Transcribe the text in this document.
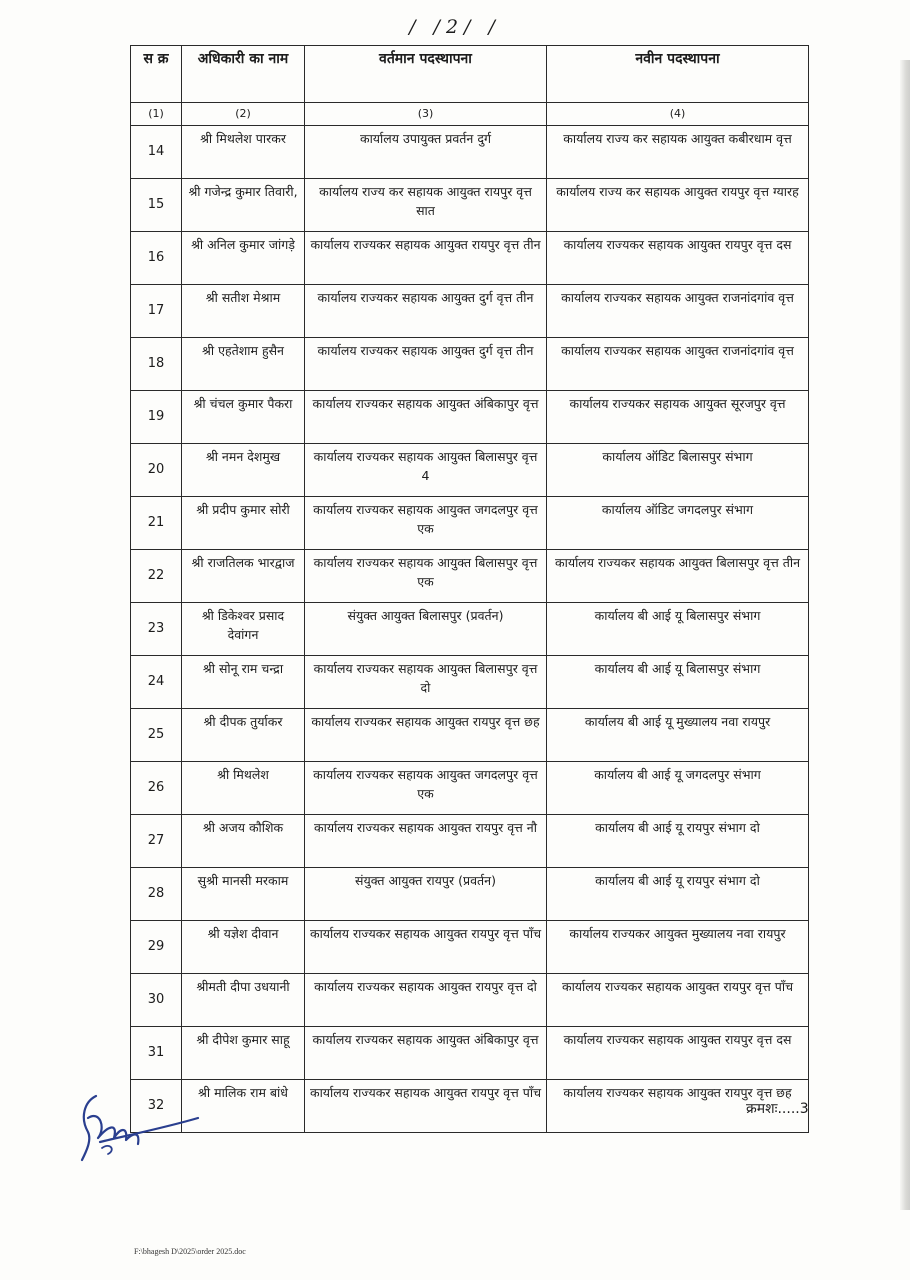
/ /2/ /
स क्र	अधिकारी का नाम	वर्तमान पदस्थापना	नवीन पदस्थापना
(1)	(2)	(3)	(4)
14	श्री मिथलेश पारकर	कार्यालय उपायुक्त प्रवर्तन दुर्ग	कार्यालय राज्य कर सहायक आयुक्त कबीरधाम वृत्त
15	श्री गजेन्द्र कुमार तिवारी,	कार्यालय राज्य कर सहायक आयुक्त रायपुर वृत्त सात	कार्यालय राज्य कर सहायक आयुक्त रायपुर वृत्त ग्यारह
16	श्री अनिल कुमार जांगड़े	कार्यालय राज्यकर सहायक आयुक्त रायपुर वृत्त तीन	कार्यालय राज्यकर सहायक आयुक्त रायपुर वृत्त दस
17	श्री सतीश मेश्राम	कार्यालय राज्यकर सहायक आयुक्त दुर्ग वृत्त तीन	कार्यालय राज्यकर सहायक आयुक्त राजनांदगांव वृत्त
18	श्री एहतेशाम हुसैन	कार्यालय राज्यकर सहायक आयुक्त दुर्ग वृत्त तीन	कार्यालय राज्यकर सहायक आयुक्त राजनांदगांव वृत्त
19	श्री चंचल कुमार पैकरा	कार्यालय राज्यकर सहायक आयुक्त अंबिकापुर वृत्त	कार्यालय राज्यकर सहायक आयुक्त सूरजपुर वृत्त
20	श्री नमन देशमुख	कार्यालय राज्यकर सहायक आयुक्त बिलासपुर वृत्त 4	कार्यालय ऑडिट बिलासपुर संभाग
21	श्री प्रदीप कुमार सोरी	कार्यालय राज्यकर सहायक आयुक्त जगदलपुर वृत्त एक	कार्यालय ऑडिट जगदलपुर संभाग
22	श्री राजतिलक भारद्वाज	कार्यालय राज्यकर सहायक आयुक्त बिलासपुर वृत्त एक	कार्यालय राज्यकर सहायक आयुक्त बिलासपुर वृत्त तीन
23	श्री डिकेश्वर प्रसाद देवांगन	संयुक्त आयुक्त बिलासपुर (प्रवर्तन)	कार्यालय बी आई यू बिलासपुर संभाग
24	श्री सोनू राम चन्द्रा	कार्यालय राज्यकर सहायक आयुक्त बिलासपुर वृत्त दो	कार्यालय बी आई यू बिलासपुर संभाग
25	श्री दीपक तुर्याकर	कार्यालय राज्यकर सहायक आयुक्त रायपुर वृत्त छह	कार्यालय बी आई यू मुख्यालय नवा रायपुर
26	श्री मिथलेश	कार्यालय राज्यकर सहायक आयुक्त जगदलपुर वृत्त एक	कार्यालय बी आई यू जगदलपुर संभाग
27	श्री अजय कौशिक	कार्यालय राज्यकर सहायक आयुक्त रायपुर वृत्त नौ	कार्यालय बी आई यू रायपुर संभाग दो
28	सुश्री मानसी मरकाम	संयुक्त आयुक्त रायपुर (प्रवर्तन)	कार्यालय बी आई यू रायपुर संभाग दो
29	श्री यज्ञेश दीवान	कार्यालय राज्यकर सहायक आयुक्त रायपुर वृत्त पाँच	कार्यालय राज्यकर आयुक्त मुख्यालय नवा रायपुर
30	श्रीमती दीपा उधयानी	कार्यालय राज्यकर सहायक आयुक्त रायपुर वृत्त दो	कार्यालय राज्यकर सहायक आयुक्त रायपुर वृत्त पाँच
31	श्री दीपेश कुमार साहू	कार्यालय राज्यकर सहायक आयुक्त अंबिकापुर वृत्त	कार्यालय राज्यकर सहायक आयुक्त रायपुर वृत्त दस
32	श्री मालिक राम बांधे	कार्यालय राज्यकर सहायक आयुक्त रायपुर वृत्त पाँच	कार्यालय राज्यकर सहायक आयुक्त रायपुर वृत्त छह
क्रमशः.....3
F:\bhagesh D\2025\order 2025.doc
